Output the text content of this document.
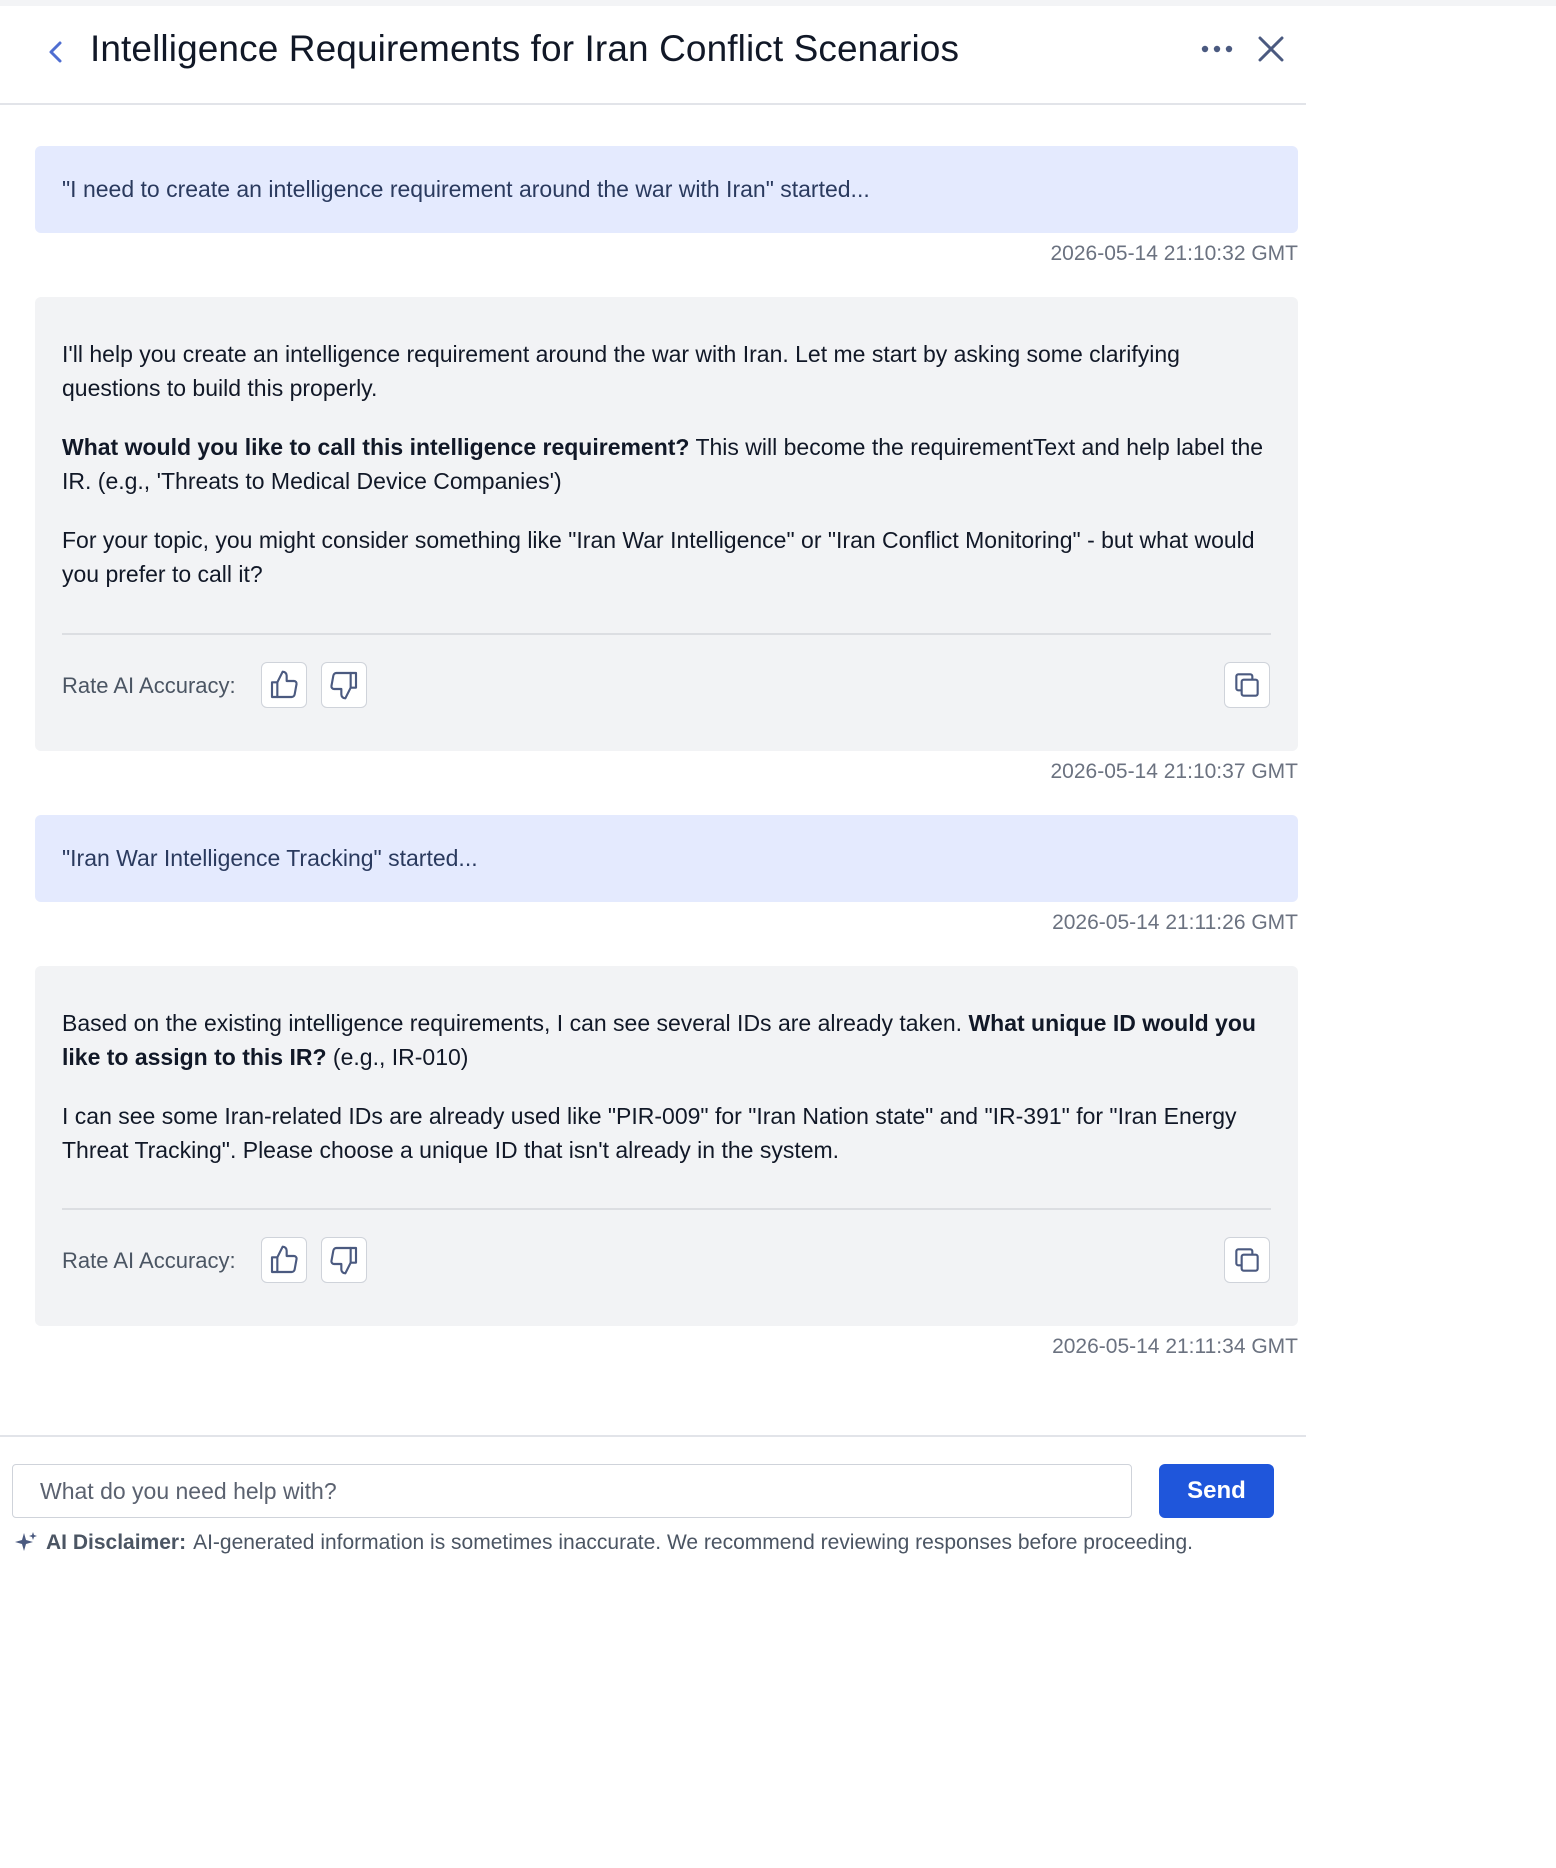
Intelligence Requirements for Iran Conflict Scenarios
"I need to create an intelligence requirement around the war with Iran" started...
2026-05-14 21:10:32 GMT

I'll help you create an intelligence requirement around the war with Iran. Let me start by asking some clarifying questions to build this properly.

What would you like to call this intelligence requirement? This will become the requirementText and help label the IR. (e.g., 'Threats to Medical Device Companies')

For your topic, you might consider something like "Iran War Intelligence" or "Iran Conflict Monitoring" - but what would you prefer to call it?

Rate AI Accuracy:
2026-05-14 21:10:37 GMT
"Iran War Intelligence Tracking" started...
2026-05-14 21:11:26 GMT

Based on the existing intelligence requirements, I can see several IDs are already taken. What unique ID would you like to assign to this IR? (e.g., IR-010)

I can see some Iran-related IDs are already used like "PIR-009" for "Iran Nation state" and "IR-391" for "Iran Energy Threat Tracking". Please choose a unique ID that isn't already in the system.

Rate AI Accuracy:
2026-05-14 21:11:34 GMT
What do you need help with?
Send
AI Disclaimer: AI-generated information is sometimes inaccurate. We recommend reviewing responses before proceeding.
